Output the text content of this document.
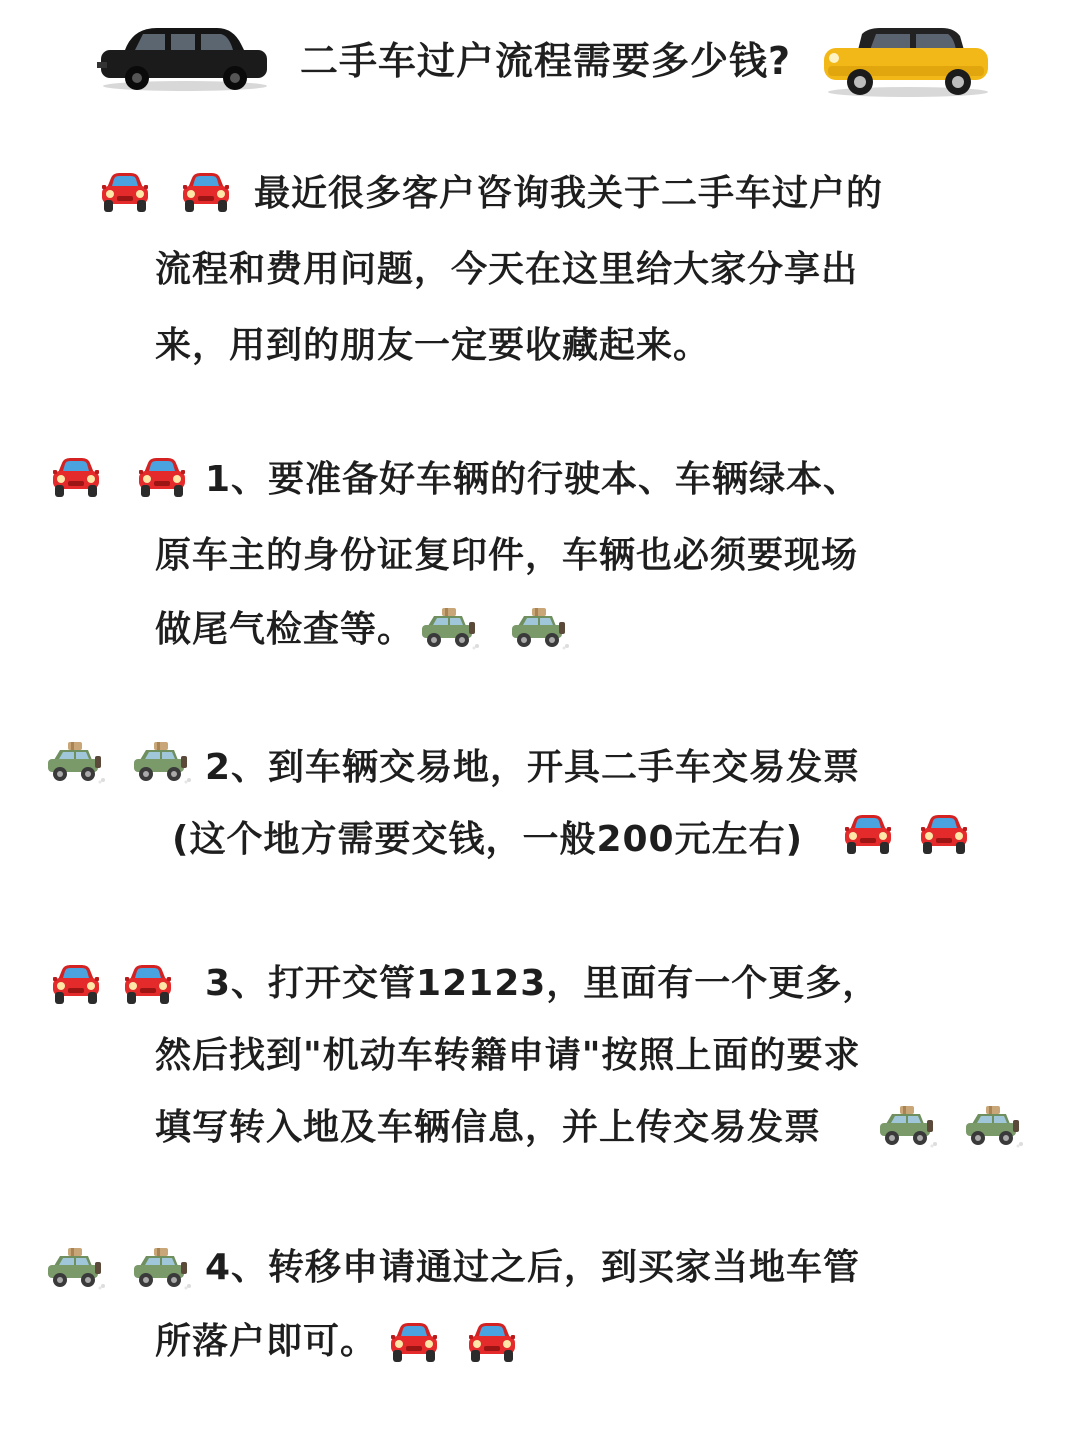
二手车过户流程需要多少钱?
最近很多客户咨询我关于二手车过户的
流程和费用问题，今天在这里给大家分享出
来，用到的朋友一定要收藏起来。
1、要准备好车辆的行驶本、车辆绿本、
原车主的身份证复印件，车辆也必须要现场
做尾气检查等。
2、到车辆交易地，开具二手车交易发票
(这个地方需要交钱，一般200元左右)
3、打开交管12123，里面有一个更多，
然后找到"机动车转籍申请"按照上面的要求
填写转入地及车辆信息，并上传交易发票
4、转移申请通过之后，到买家当地车管
所落户即可。
